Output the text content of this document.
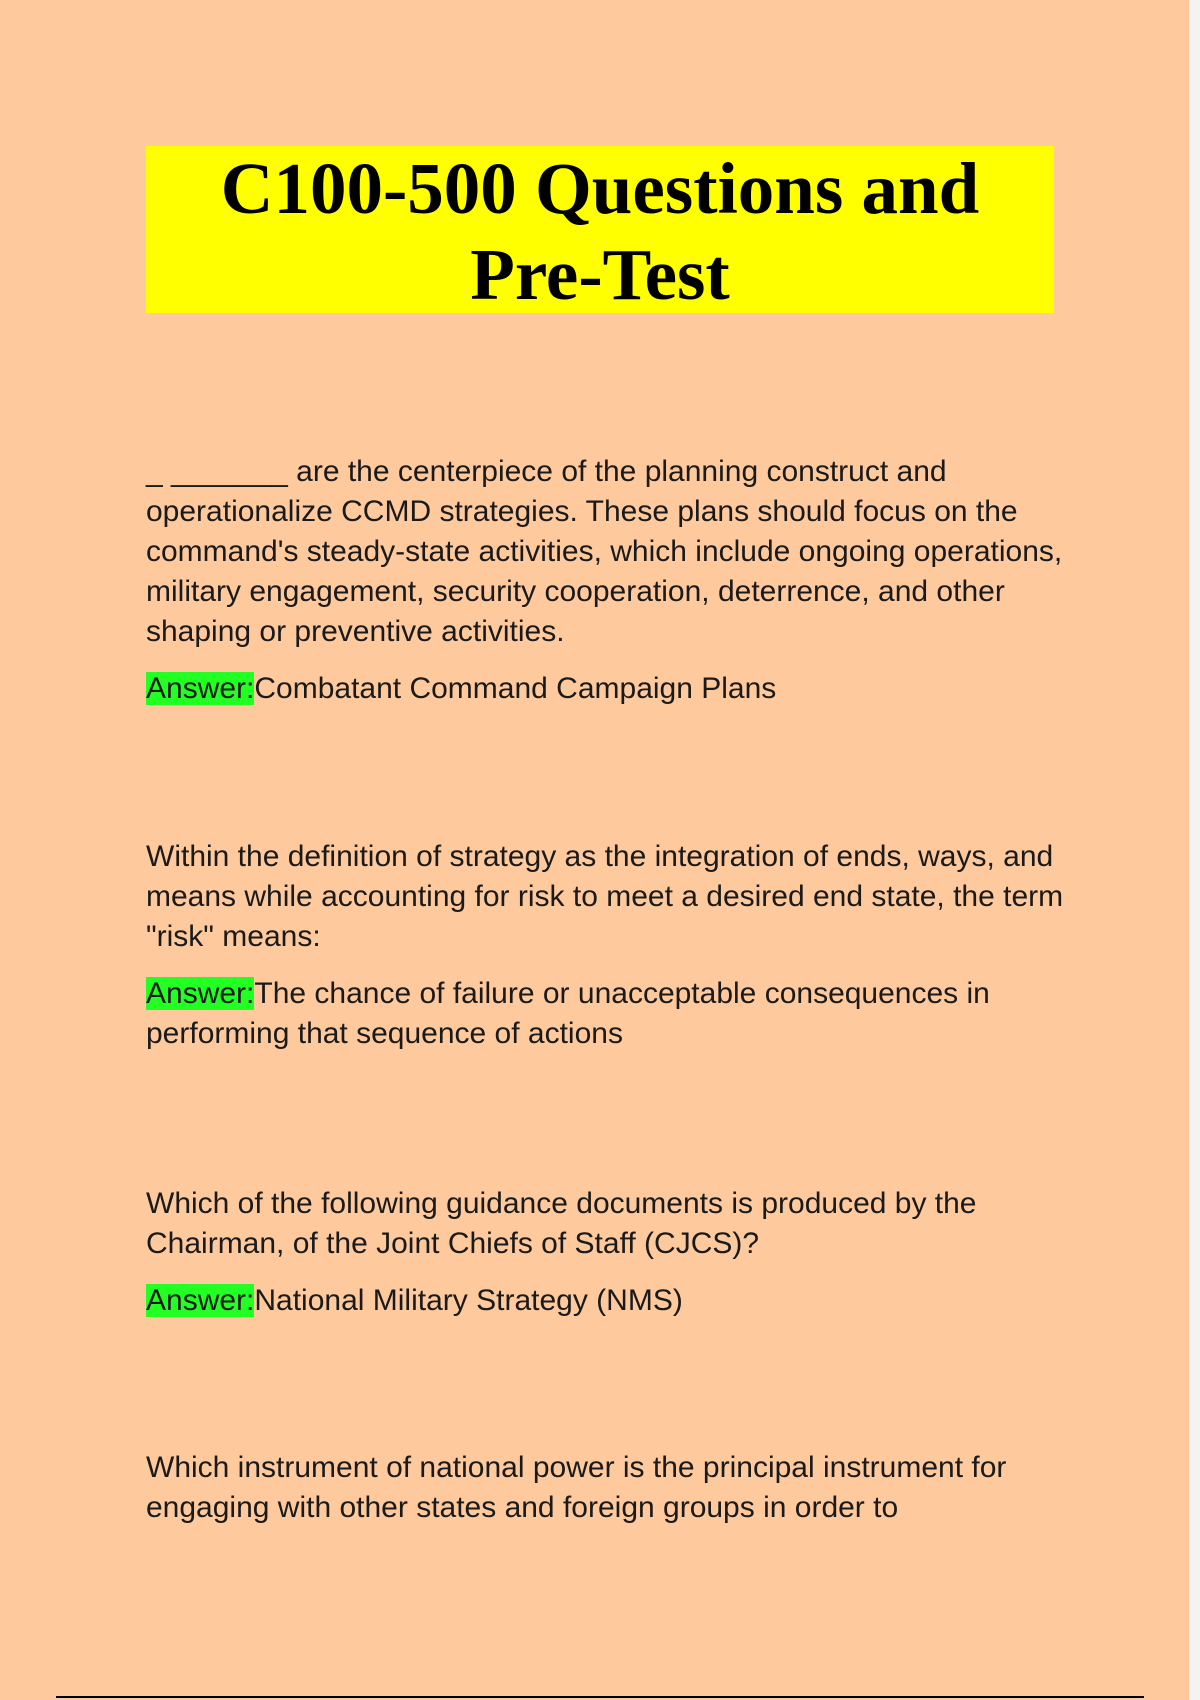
C100-500 Questions and Pre-Test

_ _______ are the centerpiece of the planning construct and operationalize CCMD strategies. These plans should focus on the command's steady-state activities, which include ongoing operations, military engagement, security cooperation, deterrence, and other shaping or preventive activities.

Answer:Combatant Command Campaign Plans

Within the definition of strategy as the integration of ends, ways, and means while accounting for risk to meet a desired end state, the term "risk" means:

Answer:The chance of failure or unacceptable consequences in performing that sequence of actions

Which of the following guidance documents is produced by the Chairman, of the Joint Chiefs of Staff (CJCS)?

Answer:National Military Strategy (NMS)

Which instrument of national power is the principal instrument for engaging with other states and foreign groups in order to
